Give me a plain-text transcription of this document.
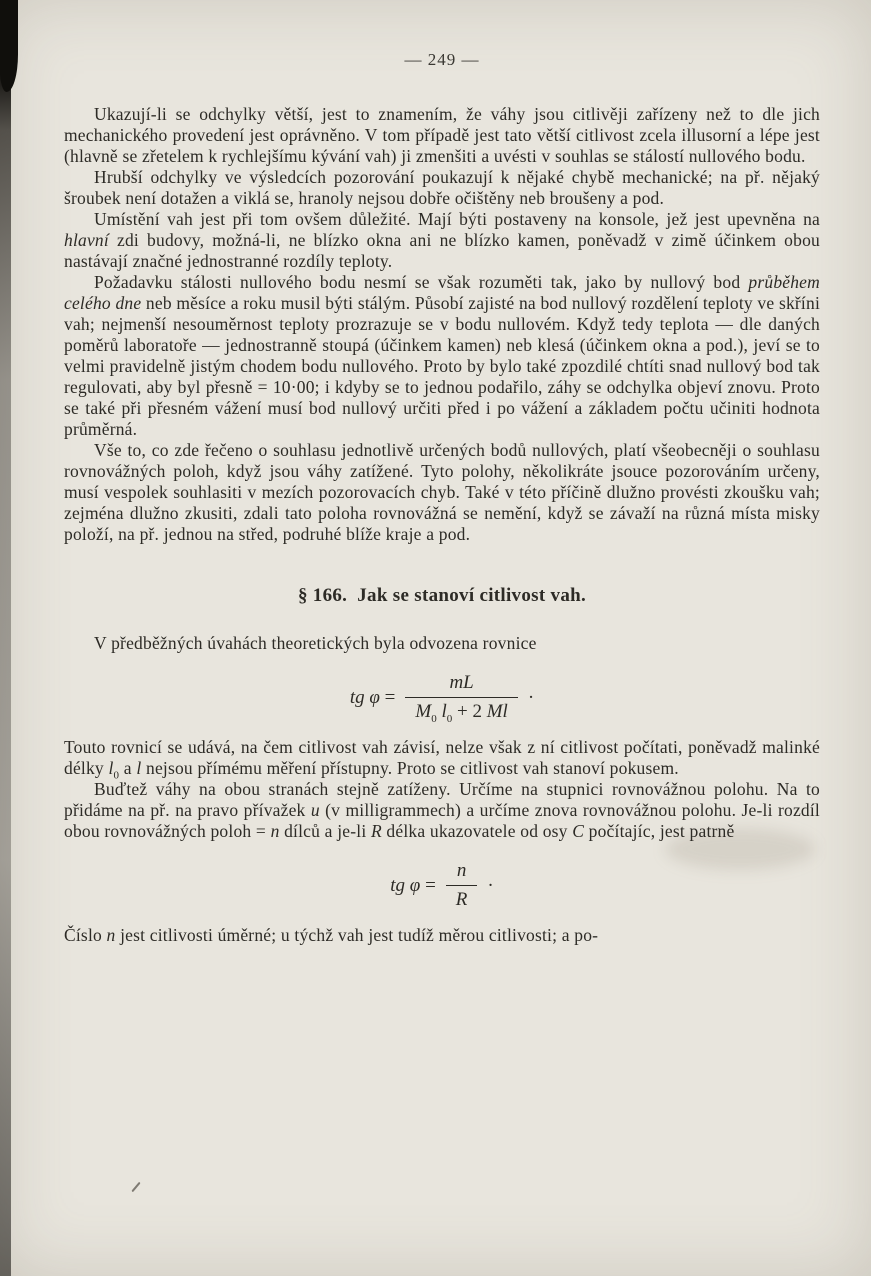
— 249 —

Ukazují-li se odchylky větší, jest to znamením, že váhy jsou citlivěji zařízeny než to dle jich mechanického provedení jest oprávněno. V tom případě jest tato větší citlivost zcela illusorní a lépe jest (hlavně se zřetelem k rychlejšímu kývání vah) ji zmenšiti a uvésti v souhlas se stálostí nullového bodu.

Hrubší odchylky ve výsledcích pozorování poukazují k nějaké chybě mechanické; na př. nějaký šroubek není dotažen a viklá se, hranoly nejsou dobře očištěny neb broušeny a pod.

Umístění vah jest při tom ovšem důležité. Mají býti postaveny na konsole, jež jest upevněna na hlavní zdi budovy, možná-li, ne blízko okna ani ne blízko kamen, poněvadž v zimě účinkem obou nastávají značné jednostranné rozdíly teploty.

Požadavku stálosti nullového bodu nesmí se však rozuměti tak, jako by nullový bod průběhem celého dne neb měsíce a roku musil býti stálým. Působí zajisté na bod nullový rozdělení teploty ve skříni vah; nejmenší nesouměrnost teploty prozrazuje se v bodu nullovém. Když tedy teplota — dle daných poměrů laboratoře — jednostranně stoupá (účinkem kamen) neb klesá (účinkem okna a pod.), jeví se to velmi pravidelně jistým chodem bodu nullového. Proto by bylo také zpozdilé chtíti snad nullový bod tak regulovati, aby byl přesně = 10·00; i kdyby se to jednou podařilo, záhy se odchylka objeví znovu. Proto se také při přesném vážení musí bod nullový určiti před i po vážení a základem počtu učiniti hodnota průměrná.

Vše to, co zde řečeno o souhlasu jednotlivě určených bodů nullových, platí všeobecněji o souhlasu rovnovážných poloh, když jsou váhy zatížené. Tyto polohy, několikráte jsouce pozorováním určeny, musí vespolek souhlasiti v mezích pozorovacích chyb. Také v této příčině dlužno provésti zkoušku vah; zejména dlužno zkusiti, zdali tato poloha rovnovážná se nemění, když se závaží na různá místa misky položí, na př. jednou na střed, podruhé blíže kraje a pod.

§ 166. Jak se stanoví citlivost vah.

V předběžných úvahách theoretických byla odvozena rovnice

tg $\varphi = \frac{mL}{M_0 l_0 + 2 Ml}$ ·

Touto rovnicí se udává, na čem citlivost vah závisí, nelze však z ní citlivost počítati, poněvadž malinké délky $l_0$ a l nejsou přímému měření přístupny. Proto se citlivost vah stanoví pokusem.

Buďtež váhy na obou stranách stejně zatíženy. Určíme na stupnici rovnovážnou polohu. Na to přidáme na př. na pravo přívažek u (v milligrammech) a určíme znova rovnovážnou polohu. Je-li rozdíl obou rovnovážných poloh = n dílců a je-li R délka ukazovatele od osy C počítajíc, jest patrně

tg $\varphi = \frac{n}{R}$ ·

Číslo n jest citlivosti úměrné; u týchž vah jest tudíž měrou citlivosti; a po-
